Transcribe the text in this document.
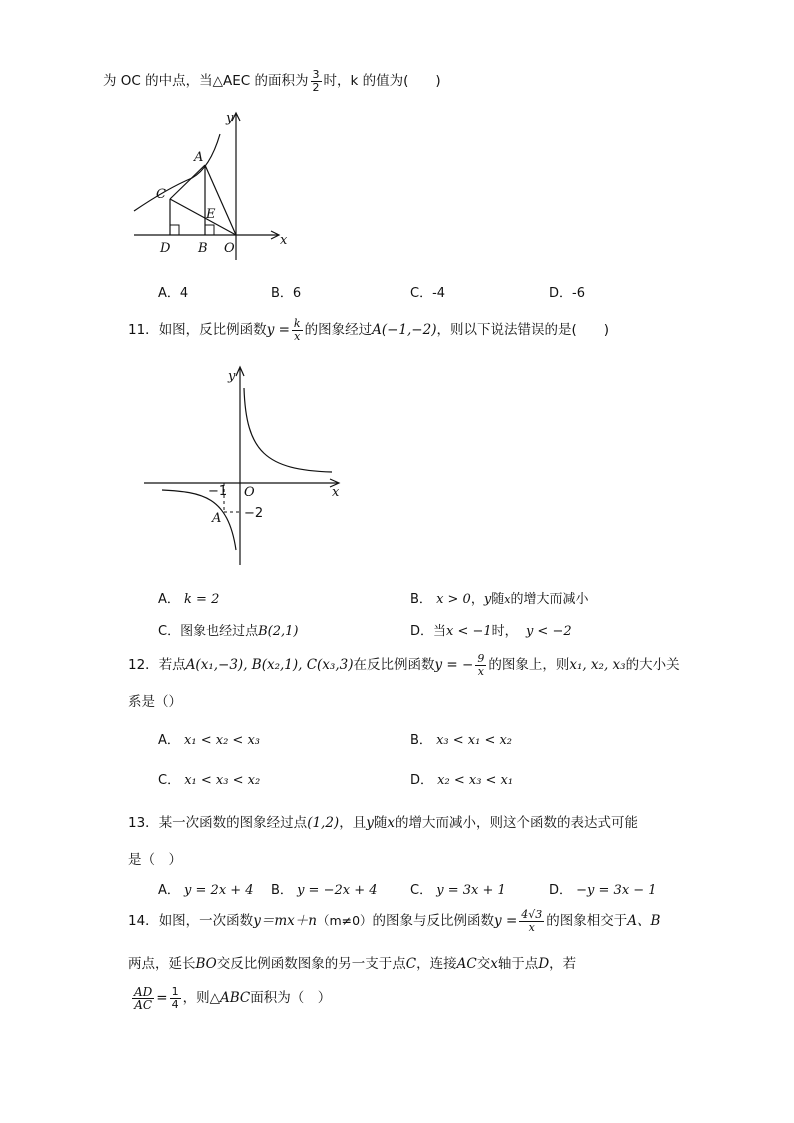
为 OC 的中点，当△AEC 的面积为 $\frac{3}{2}$ 时，k 的值为(　　)
y
x
A
C
E
D B O
A．4	B．6	C．-4	D．-6
11．如图，反比例函数$y = \frac{k}{x}$ 的图象经过A(−1,−2)，则以下说法错误的是(　　)
y
x
O
−1
−2
A
A． k = 2	B． x > 0，y随x的增大而减小
C．图象也经过点B(2,1)	D．当x < −1时， y < −2
12．若点A(x₁,−3), B(x₂,1), C(x₃,3)在反比例函数y = − $\frac{9}{x}$ 的图象上，则x₁, x₂, x₃的大小关
系是（）
A． x₁ < x₂ < x₃	B． x₃ < x₁ < x₂
C． x₁ < x₃ < x₂	D． x₂ < x₃ < x₁
13．某一次函数的图象经过点(1,2)，且y随x的增大而减小，则这个函数的表达式可能
是（　）
A． y = 2x + 4 B． y = −2x + 4	C． y = 3x + 1	D． −y = 3x − 1
14．如图，一次函数y＝mx＋n（m≠0）的图象与反比例函数$y = \frac{4√3}{x}$ 的图象相交于A、B
两点，延长BO交反比例函数图象的另一支于点C，连接AC交x轴于点D，若
$\frac{AD}{AC} = \frac{1}{4}$ ，则△ABC面积为（　）
